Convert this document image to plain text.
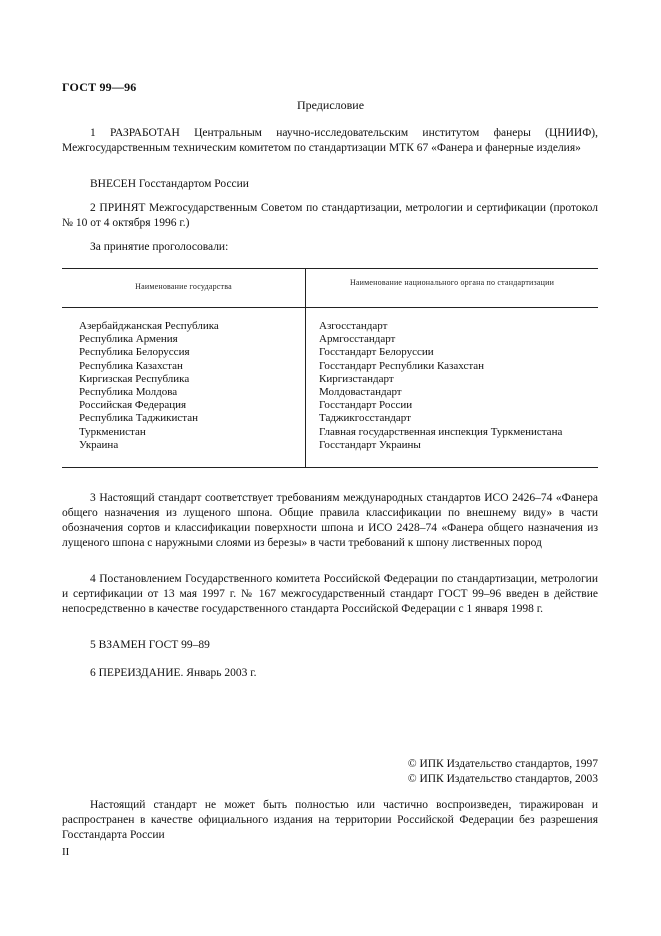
ГОСТ 99—96
Предисловие
1 РАЗРАБОТАН Центральным научно-исследовательским институтом фанеры (ЦНИИФ), Межгосударственным техническим комитетом по стандартизации МТК 67 «Фанера и фанерные изделия»
ВНЕСЕН Госстандартом России
2 ПРИНЯТ Межгосударственным Советом по стандартизации, метрологии и сертификации (протокол № 10 от 4 октября 1996 г.)
За принятие проголосовали:
Наименование государства	Наименование национального органа по стандартизации
Азербайджанская Республика
Республика Армения
Республика Белоруссия
Республика Казахстан
Киргизская Республика
Республика Молдова
Российская Федерация
Республика Таджикистан
Туркменистан
Украина
Азгосстандарт
Армгосстандарт
Госстандарт Белоруссии
Госстандарт Республики Казахстан
Киргизстандарт
Молдовастандарт
Госстандарт России
Таджикгосстандарт
Главная государственная инспекция Туркменистана
Госстандарт Украины
3 Настоящий стандарт соответствует требованиям международных стандартов ИСО 2426–74 «Фанера общего назначения из лущеного шпона. Общие правила классификации по внешнему виду» в части обозначения сортов и классификации поверхности шпона и ИСО 2428–74 «Фанера общего назначения из лущеного шпона с наружными слоями из березы» в части требований к шпону лиственных пород
4 Постановлением Государственного комитета Российской Федерации по стандартизации, метрологии и сертификации от 13 мая 1997 г. № 167 межгосударственный стандарт ГОСТ 99–96 введен в действие непосредственно в качестве государственного стандарта Российской Федерации с 1 января 1998 г.
5 ВЗАМЕН ГОСТ 99–89
6 ПЕРЕИЗДАНИЕ. Январь 2003 г.
© ИПК Издательство стандартов, 1997
© ИПК Издательство стандартов, 2003
Настоящий стандарт не может быть полностью или частично воспроизведен, тиражирован и распространен в качестве официального издания на территории Российской Федерации без разрешения Госстандарта России
II
